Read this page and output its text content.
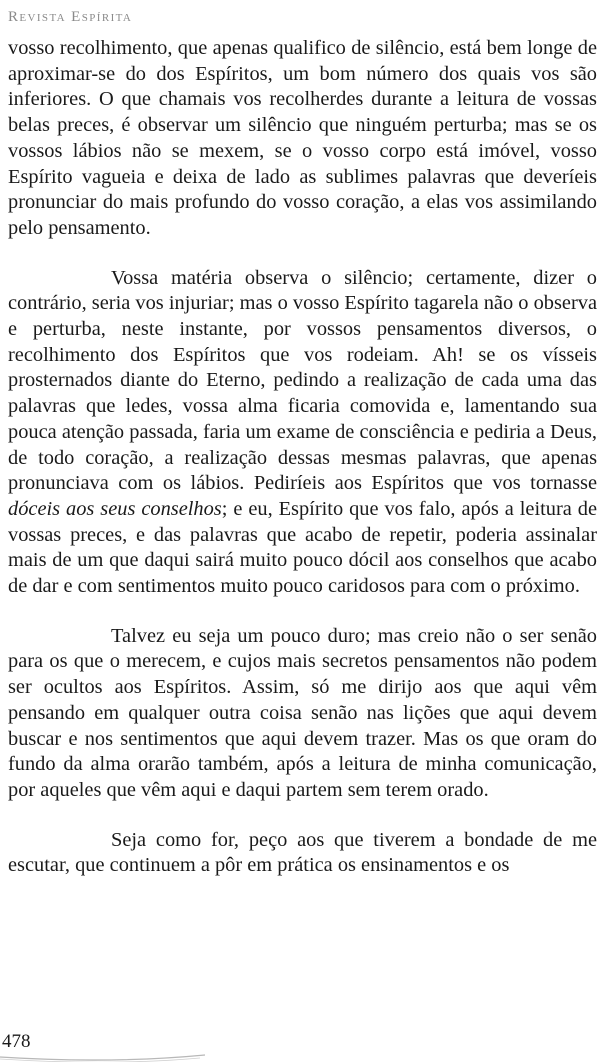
Revista Espírita

vosso recolhimento, que apenas qualifico de silêncio, está bem longe de aproximar-se do dos Espíritos, um bom número dos quais vos são inferiores. O que chamais vos recolherdes durante a leitura de vossas belas preces, é observar um silêncio que ninguém perturba; mas se os vossos lábios não se mexem, se o vosso corpo está imóvel, vosso Espírito vagueia e deixa de lado as sublimes palavras que deveríeis pronunciar do mais profundo do vosso coração, a elas vos assimilando pelo pensamento.

Vossa matéria observa o silêncio; certamente, dizer o contrário, seria vos injuriar; mas o vosso Espírito tagarela não o observa e perturba, neste instante, por vossos pensamentos diversos, o recolhimento dos Espíritos que vos rodeiam. Ah! se os vísseis prosternados diante do Eterno, pedindo a realização de cada uma das palavras que ledes, vossa alma ficaria comovida e, lamentando sua pouca atenção passada, faria um exame de consciência e pediria a Deus, de todo coração, a realização dessas mesmas palavras, que apenas pronunciava com os lábios. Pediríeis aos Espíritos que vos tornasse dóceis aos seus conselhos; e eu, Espírito que vos falo, após a leitura de vossas preces, e das palavras que acabo de repetir, poderia assinalar mais de um que daqui sairá muito pouco dócil aos conselhos que acabo de dar e com sentimentos muito pouco caridosos para com o próximo.

Talvez eu seja um pouco duro; mas creio não o ser senão para os que o merecem, e cujos mais secretos pensamentos não podem ser ocultos aos Espíritos. Assim, só me dirijo aos que aqui vêm pensando em qualquer outra coisa senão nas lições que aqui devem buscar e nos sentimentos que aqui devem trazer. Mas os que oram do fundo da alma orarão também, após a leitura de minha comunicação, por aqueles que vêm aqui e daqui partem sem terem orado.

Seja como for, peço aos que tiverem a bondade de me escutar, que continuem a pôr em prática os ensinamentos e os

478
